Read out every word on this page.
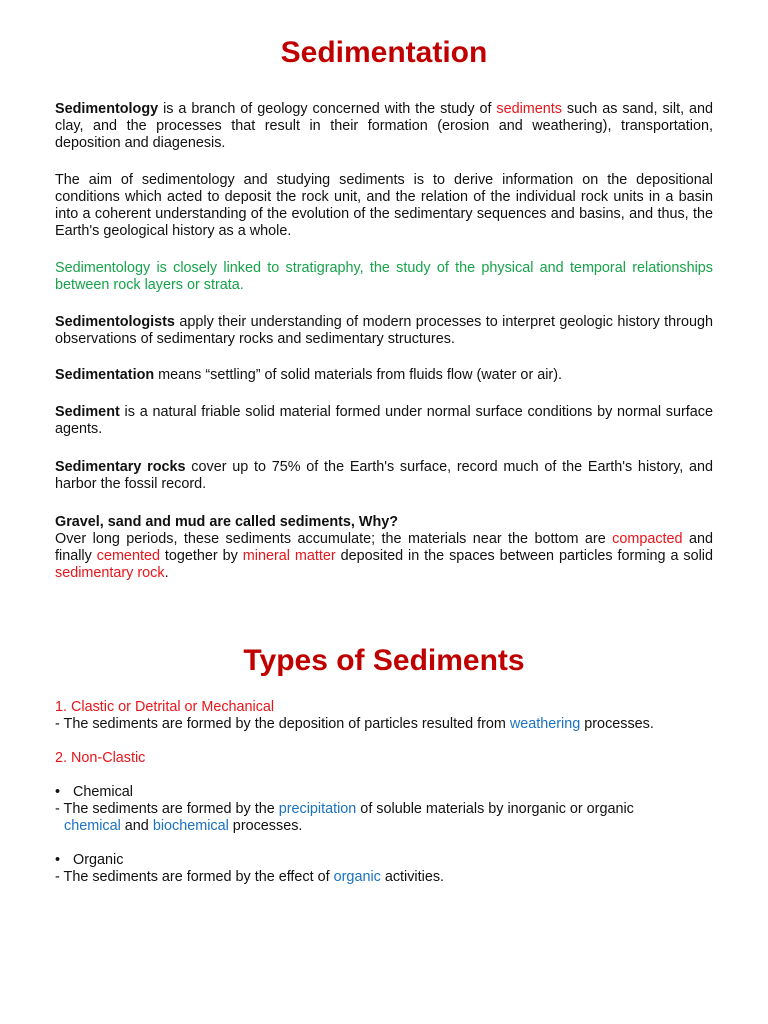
Sedimentation

Sedimentology is a branch of geology concerned with the study of sediments such as sand, silt, and clay, and the processes that result in their formation (erosion and weathering), transportation, deposition and diagenesis.

The aim of sedimentology and studying sediments is to derive information on the depositional conditions which acted to deposit the rock unit, and the relation of the individual rock units in a basin into a coherent understanding of the evolution of the sedimentary sequences and basins, and thus, the Earth's geological history as a whole.

Sedimentology is closely linked to stratigraphy, the study of the physical and temporal relationships between rock layers or strata.

Sedimentologists apply their understanding of modern processes to interpret geologic history through observations of sedimentary rocks and sedimentary structures.

Sedimentation means “settling” of solid materials from fluids flow (water or air).

Sediment is a natural friable solid material formed under normal surface conditions by normal surface agents.

Sedimentary rocks cover up to 75% of the Earth's surface, record much of the Earth's history, and harbor the fossil record.

Gravel, sand and mud are called sediments, Why?

Over long periods, these sediments accumulate; the materials near the bottom are compacted and finally cemented together by mineral matter deposited in the spaces between particles forming a solid sedimentary rock.

Types of Sediments

1. Clastic or Detrital or Mechanical

- The sediments are formed by the deposition of particles resulted from weathering processes.

2. Non-Clastic

• Chemical

- The sediments are formed by the precipitation of soluble materials by inorganic or organic
chemical and biochemical processes.

• Organic

- The sediments are formed by the effect of organic activities.
